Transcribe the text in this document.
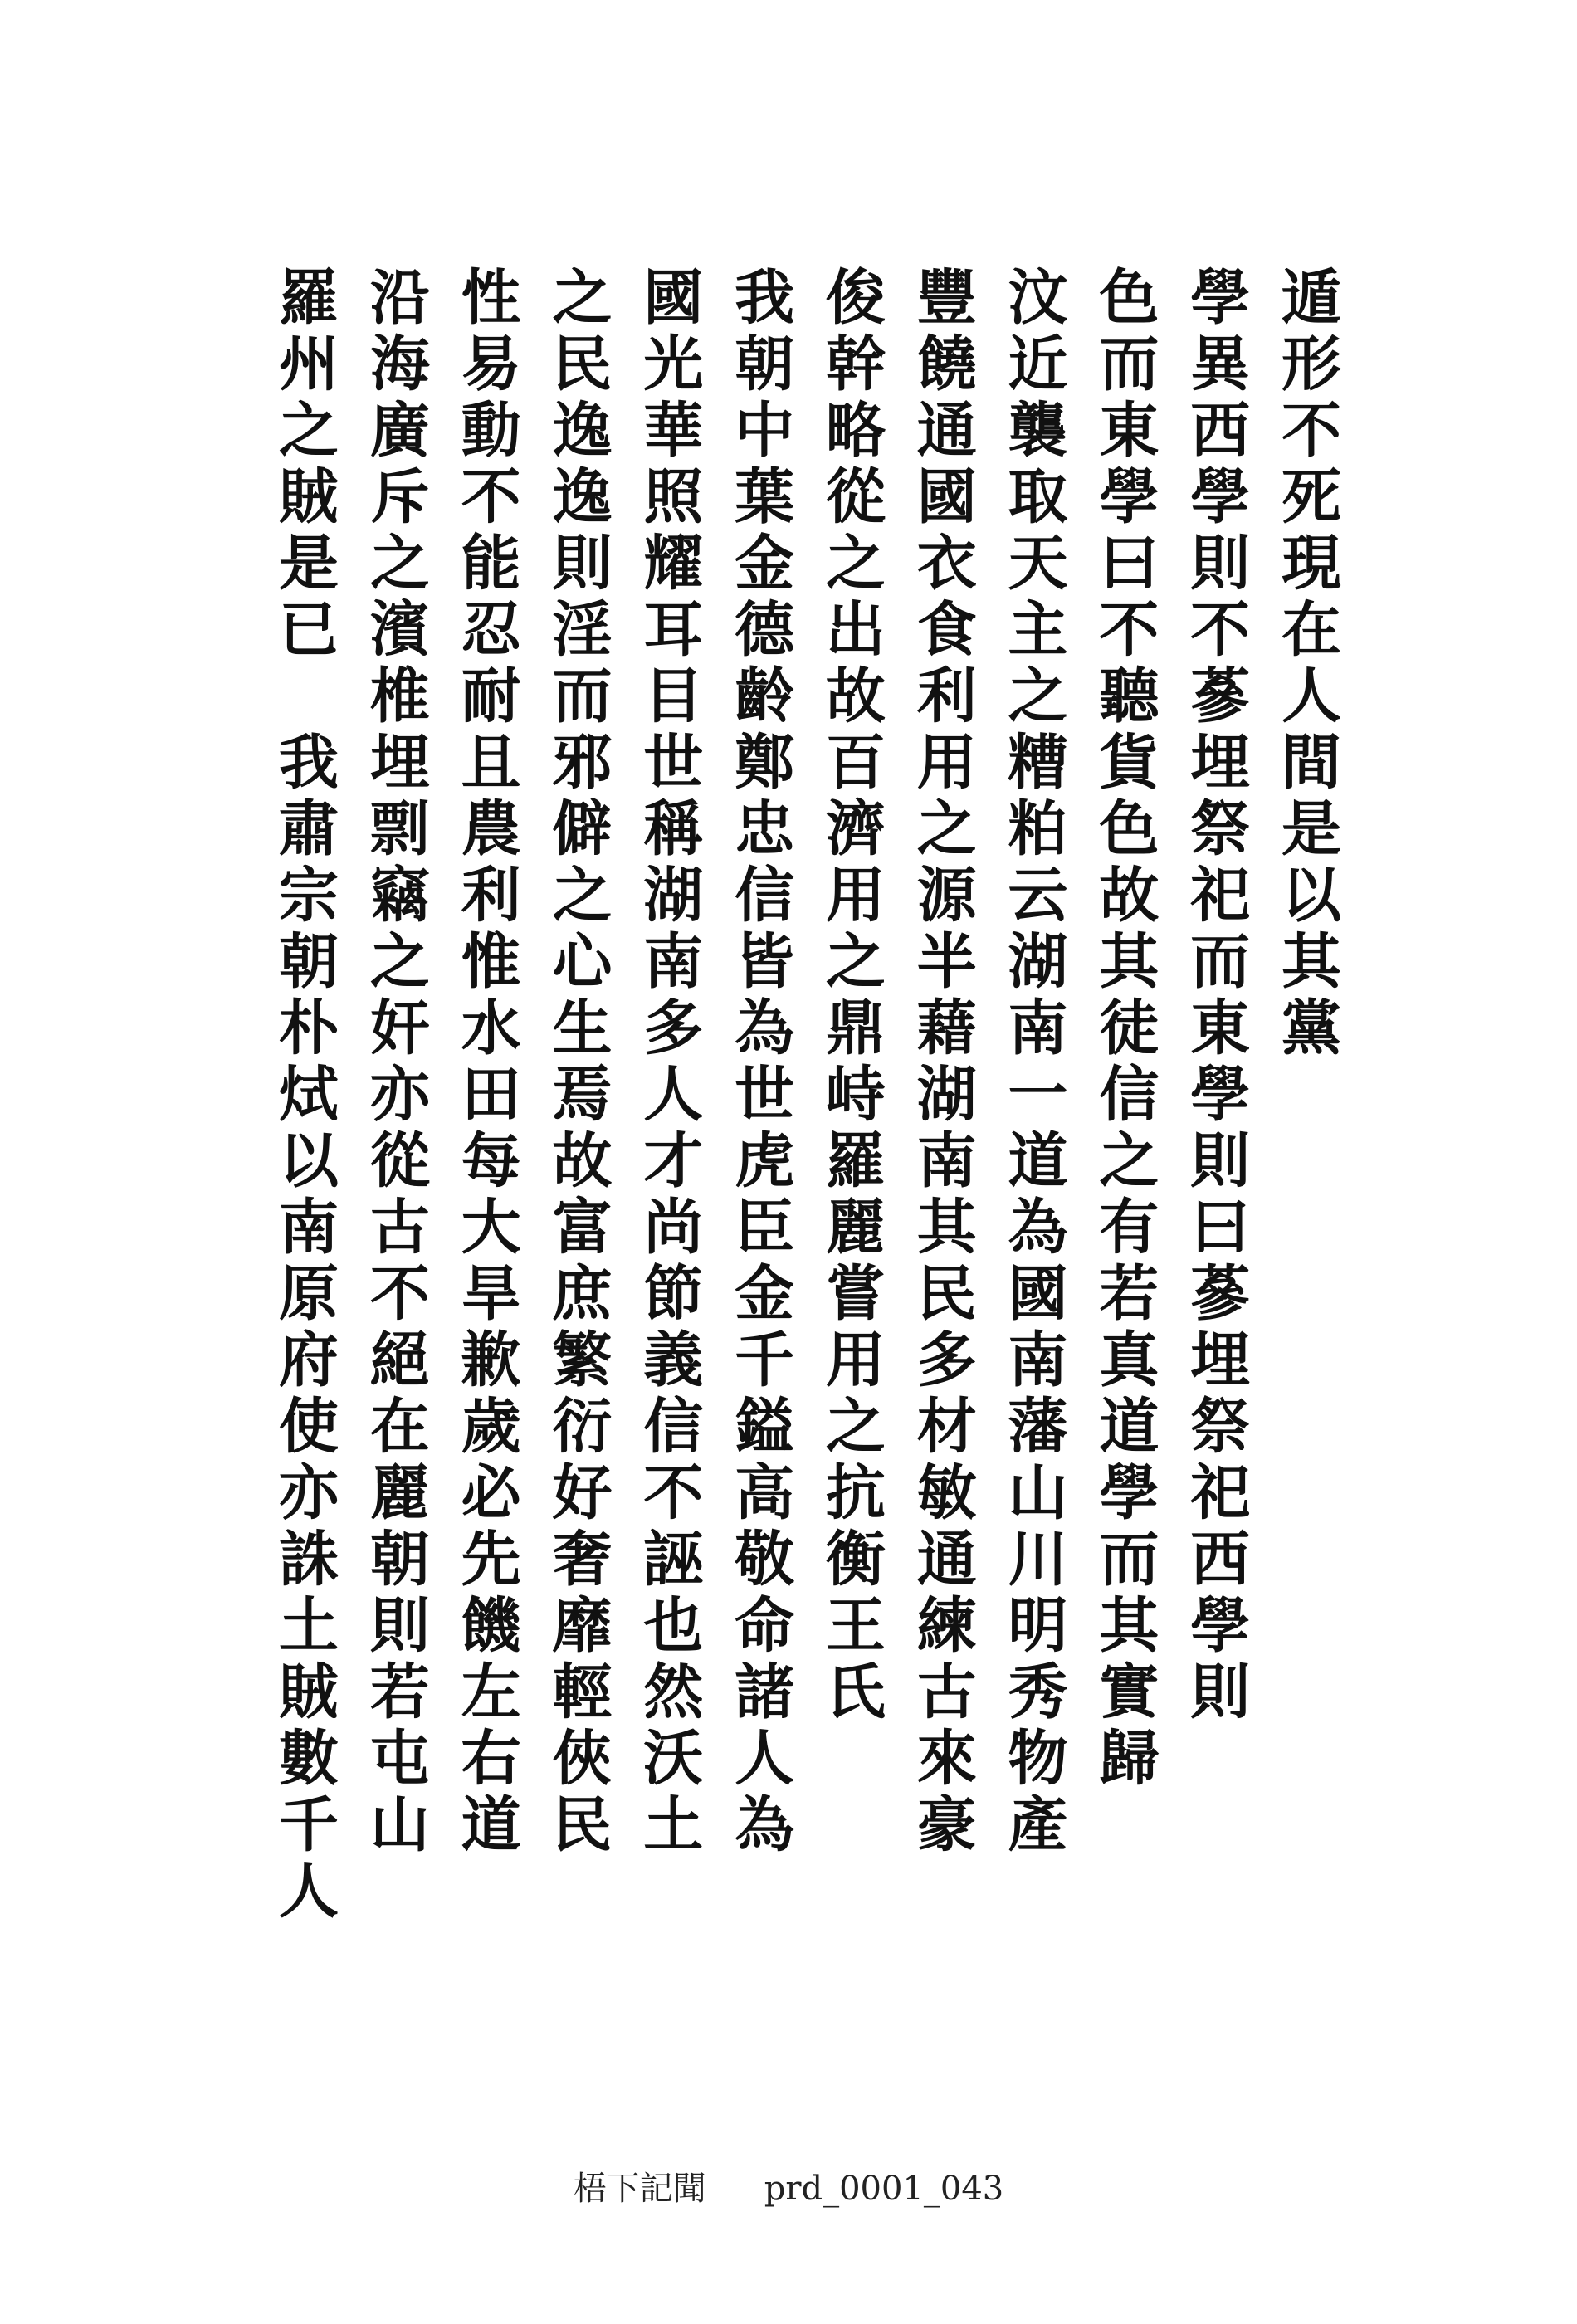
遁形不死現在人間是以其黨
學異西學則不蔘埋祭祀而東學則曰蔘埋祭祀西學則
色而東學曰不聽貨色故其徒信之有若真道學而其實歸
汶近襲取天主之糟粕云湖南一道為國南藩山川明秀物產
豐饒通國衣食利用之源半藉湖南其民多材敏通練古來豪
俊幹略從之出故百濟用之鼎峙羅麗嘗用之抗衡王氏
我朝中葉金德齡鄭忠信皆為世虎臣金千鎰高敬命諸人為
國光華照耀耳目世稱湖南多人才尚節義信不誣也然沃土
之民逸逸則淫而邪僻之心生焉故富庶繁衍好奢靡輕俠民
性易動不能忍耐且農利惟水田每大旱歉歲必先饑左右道
沿海廣斥之濱椎埋剽竊之奸亦從古不絕在麗朝則若屯山
羅州之賊是已　我肅宗朝朴烒以南原府使亦誅土賊數千人
梧下記聞 prd_0001_043
